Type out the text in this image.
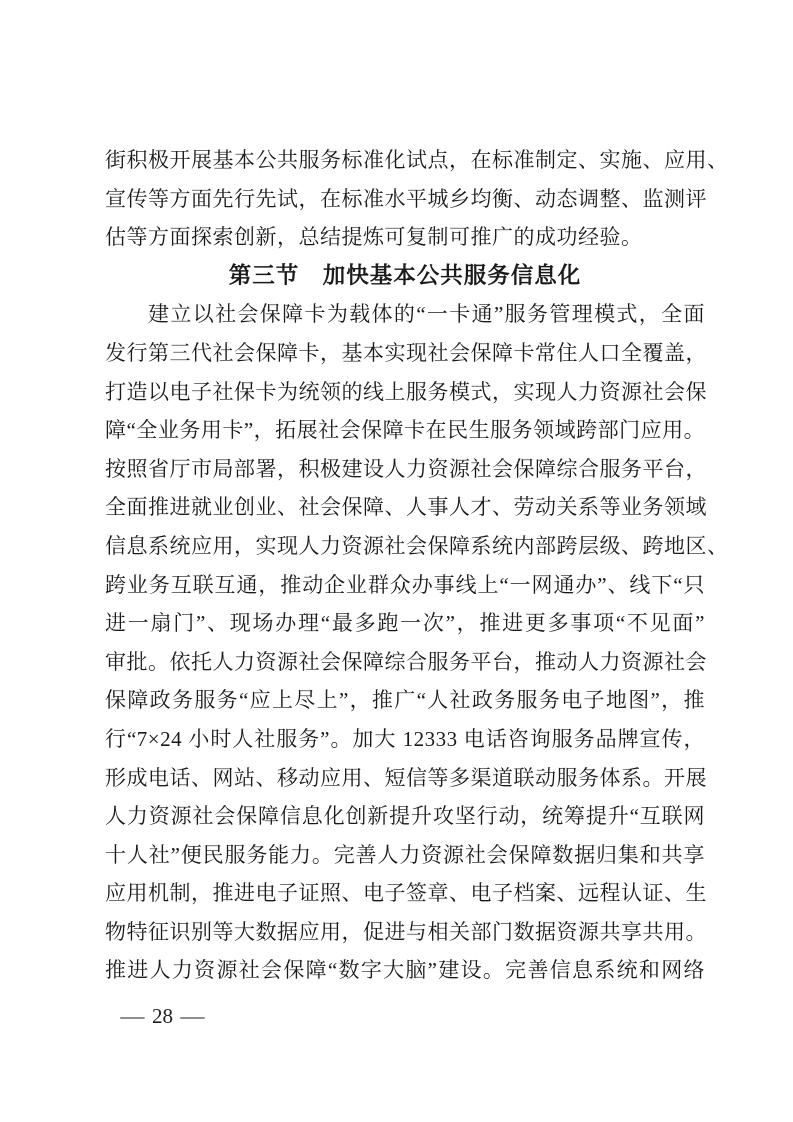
街积极开展基本公共服务标准化试点，在标准制定、实施、应用、
宣传等方面先行先试，在标准水平城乡均衡、动态调整、监测评
估等方面探索创新，总结提炼可复制可推广的成功经验。
第三节　加快基本公共服务信息化
建立以社会保障卡为载体的“一卡通”服务管理模式，全面
发行第三代社会保障卡，基本实现社会保障卡常住人口全覆盖，
打造以电子社保卡为统领的线上服务模式，实现人力资源社会保
障“全业务用卡”，拓展社会保障卡在民生服务领域跨部门应用。
按照省厅市局部署，积极建设人力资源社会保障综合服务平台，
全面推进就业创业、社会保障、人事人才、劳动关系等业务领域
信息系统应用，实现人力资源社会保障系统内部跨层级、跨地区、
跨业务互联互通，推动企业群众办事线上“一网通办”、线下“只
进一扇门”、现场办理“最多跑一次”，推进更多事项“不见面”
审批。依托人力资源社会保障综合服务平台，推动人力资源社会
保障政务服务“应上尽上”，推广“人社政务服务电子地图”，推
行“7×24 小时人社服务”。加大 12333 电话咨询服务品牌宣传，
形成电话、网站、移动应用、短信等多渠道联动服务体系。开展
人力资源社会保障信息化创新提升攻坚行动，统筹提升“互联网
十人社”便民服务能力。完善人力资源社会保障数据归集和共享
应用机制，推进电子证照、电子签章、电子档案、远程认证、生
物特征识别等大数据应用，促进与相关部门数据资源共享共用。
推进人力资源社会保障“数字大脑”建设。完善信息系统和网络
— 28 —
